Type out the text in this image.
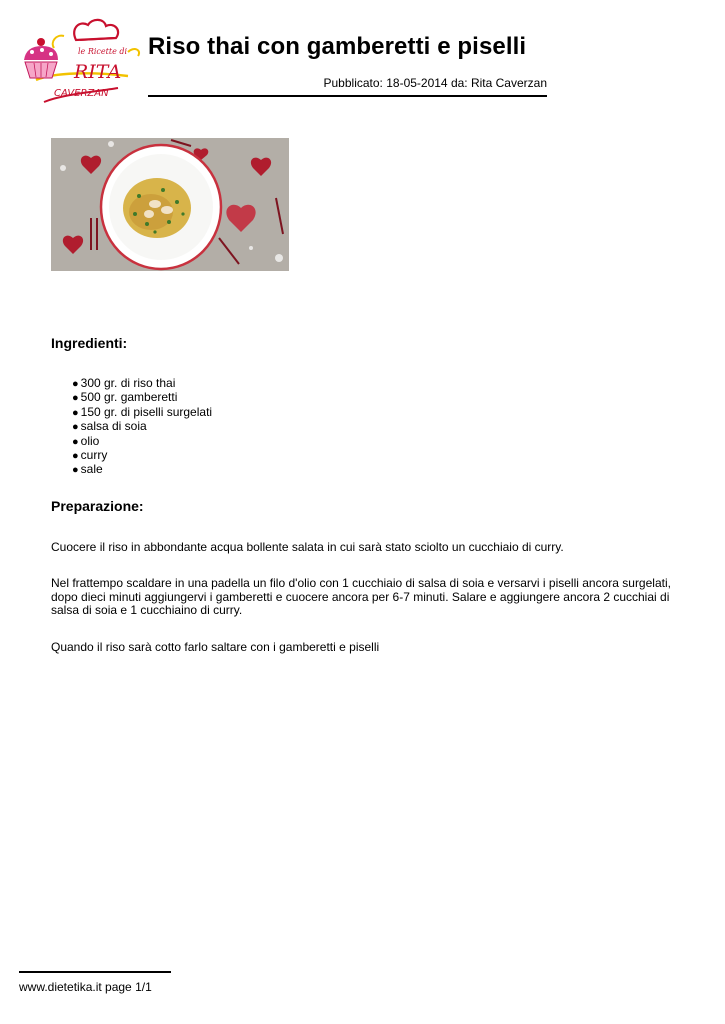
le Ricette di
RITA
CAVERZAN
Riso thai con gamberetti e piselli
Pubblicato: 18-05-2014 da: Rita Caverzan
Ingredienti:
● 300 gr. di riso thai
● 500 gr. gamberetti
● 150 gr. di piselli surgelati
● salsa di soia
● olio
● curry
● sale
Preparazione:

Cuocere il riso in abbondante acqua bollente salata in cui sarà stato sciolto un cucchiaio di curry.

Nel frattempo scaldare in una padella un filo d'olio con 1 cucchiaio di salsa di soia e versarvi i piselli ancora surgelati, dopo dieci minuti aggiungervi i gamberetti e cuocere ancora per 6-7 minuti. Salare e aggiungere ancora 2 cucchiai di salsa di soia e 1 cucchiaino di curry.

Quando il riso sarà cotto farlo saltare con i gamberetti e piselli

www.dietetika.it page 1/1
